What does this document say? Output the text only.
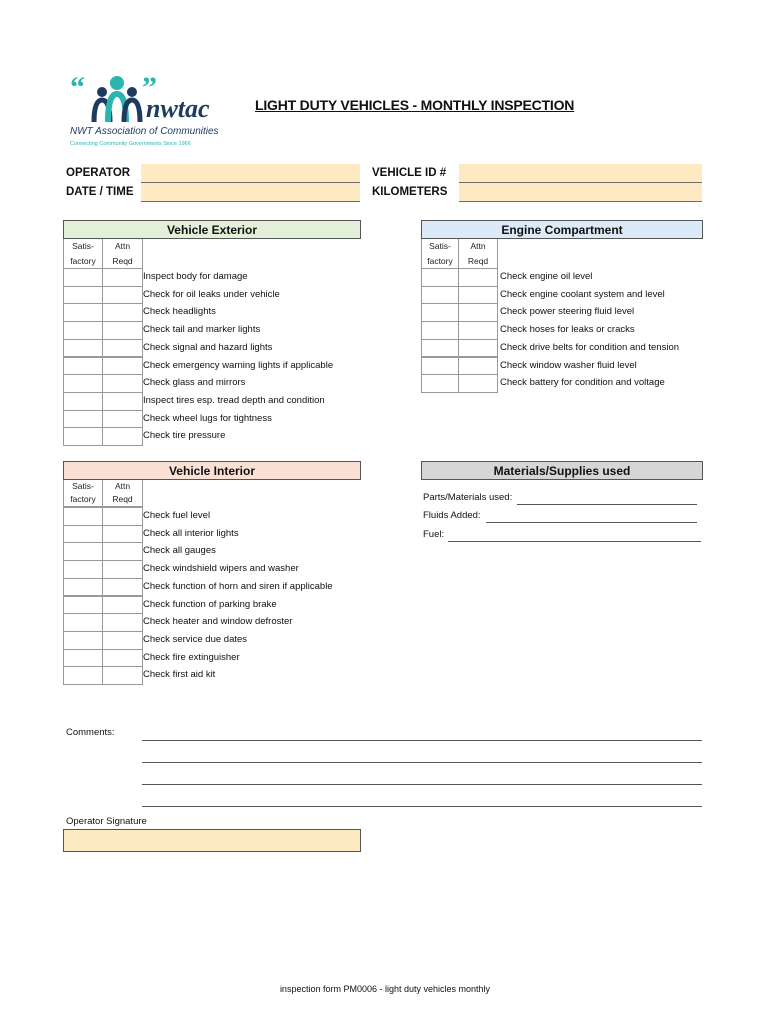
“ ”
nwtac
NWT Association of Communities
Connecting Community Governments Since 1966
LIGHT DUTY VEHICLES - MONTHLY INSPECTION
OPERATOR
DATE / TIME
VEHICLE ID #
KILOMETERS
Vehicle Exterior
Satis-
factory
Attn
Reqd
Inspect body for damage
Check for oil leaks under vehicle
Check headlights
Check tail and marker lights
Check signal and hazard lights
Check emergency warning lights if applicable
Check glass and mirrors
Inspect tires esp. tread depth and condition
Check wheel lugs for tightness
Check tire pressure
Engine Compartment
Satis-
factory
Attn
Reqd
Check engine oil level
Check engine coolant system and level
Check power steering fluid level
Check hoses for leaks or cracks
Check drive belts for condition and tension
Check window washer fluid level
Check battery for condition and voltage
Vehicle Interior
Satis-
factory
Attn
Reqd
Check fuel level
Check all interior lights
Check all gauges
Check windshield wipers and washer
Check function of horn and siren if applicable
Check function of parking brake
Check heater and window defroster
Check service due dates
Check fire extinguisher
Check first aid kit
Materials/Supplies used
Parts/Materials used:
Fluids Added:
Fuel:
Comments:
Operator Signature
inspection form PM0006 - light duty vehicles monthly
